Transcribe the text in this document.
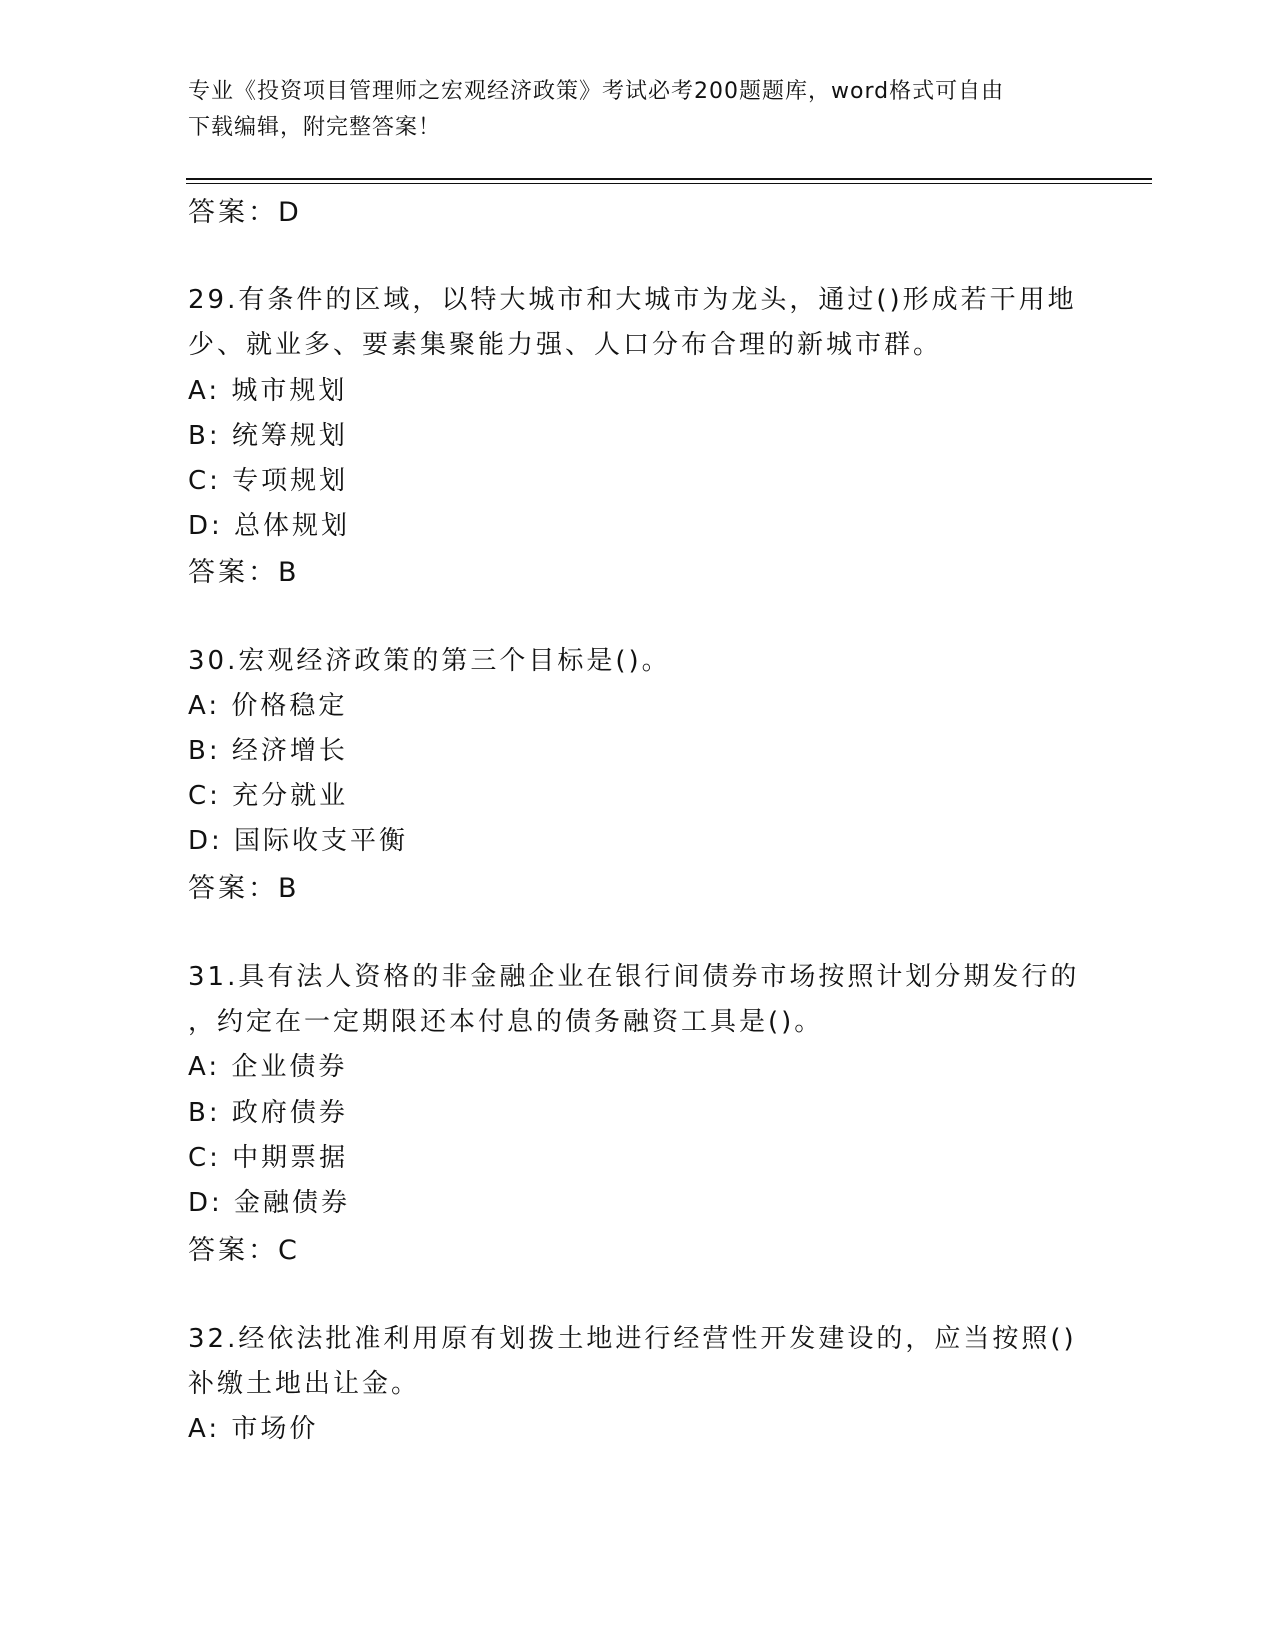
专业《投资项目管理师之宏观经济政策》考试必考200题题库，word格式可自由
下载编辑，附完整答案！
答案：D
29.有条件的区域，以特大城市和大城市为龙头，通过()形成若干用地
少、就业多、要素集聚能力强、人口分布合理的新城市群。
A: 城市规划
B: 统筹规划
C: 专项规划
D: 总体规划
答案：B
30.宏观经济政策的第三个目标是()。
A: 价格稳定
B: 经济增长
C: 充分就业
D: 国际收支平衡
答案：B
31.具有法人资格的非金融企业在银行间债券市场按照计划分期发行的
，约定在一定期限还本付息的债务融资工具是()。
A: 企业债券
B: 政府债券
C: 中期票据
D: 金融债券
答案：C
32.经依法批准利用原有划拨土地进行经营性开发建设的，应当按照()
补缴土地出让金。
A: 市场价
